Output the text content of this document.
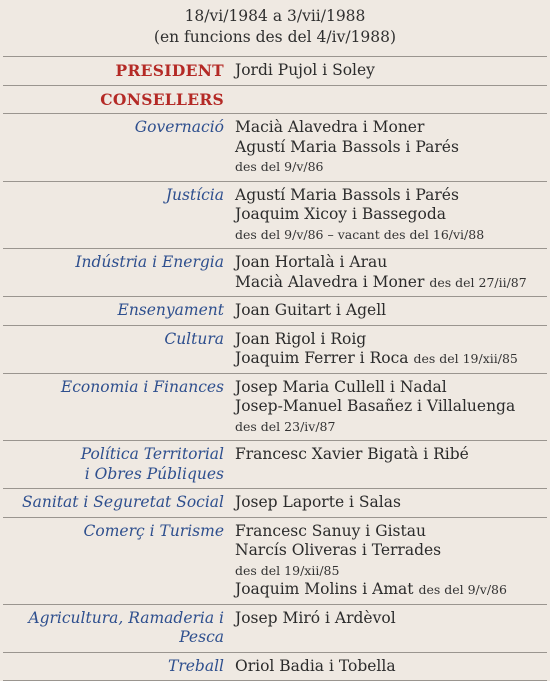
18/vi/1984 a 3/vii/1988
(en funcions des del 4/iv/1988)
PRESIDENT Jordi Pujol i Soley
CONSELLERS
Governació Macià Alavedra i Moner
Agustí Maria Bassols i Parés
des del 9/v/86
Justícia Agustí Maria Bassols i Parés
Joaquim Xicoy i Bassegoda
des del 9/v/86 – vacant des del 16/vi/88
Indústria i Energia Joan Hortalà i Arau
Macià Alavedra i Moner des del 27/ii/87
Ensenyament Joan Guitart i Agell
Cultura Joan Rigol i Roig
Joaquim Ferrer i Roca des del 19/xii/85
Economia i Finances Josep Maria Cullell i Nadal
Josep-Manuel Basañez i Villaluenga
des del 23/iv/87
Política Territorial
i Obres Públiques
Francesc Xavier Bigatà i Ribé
Sanitat i Seguretat Social Josep Laporte i Salas
Comerç i Turisme Francesc Sanuy i Gistau
Narcís Oliveras i Terrades
des del 19/xii/85
Joaquim Molins i Amat des del 9/v/86
Agricultura, Ramaderia i Pesca
Josep Miró i Ardèvol
Treball Oriol Badia i Tobella
